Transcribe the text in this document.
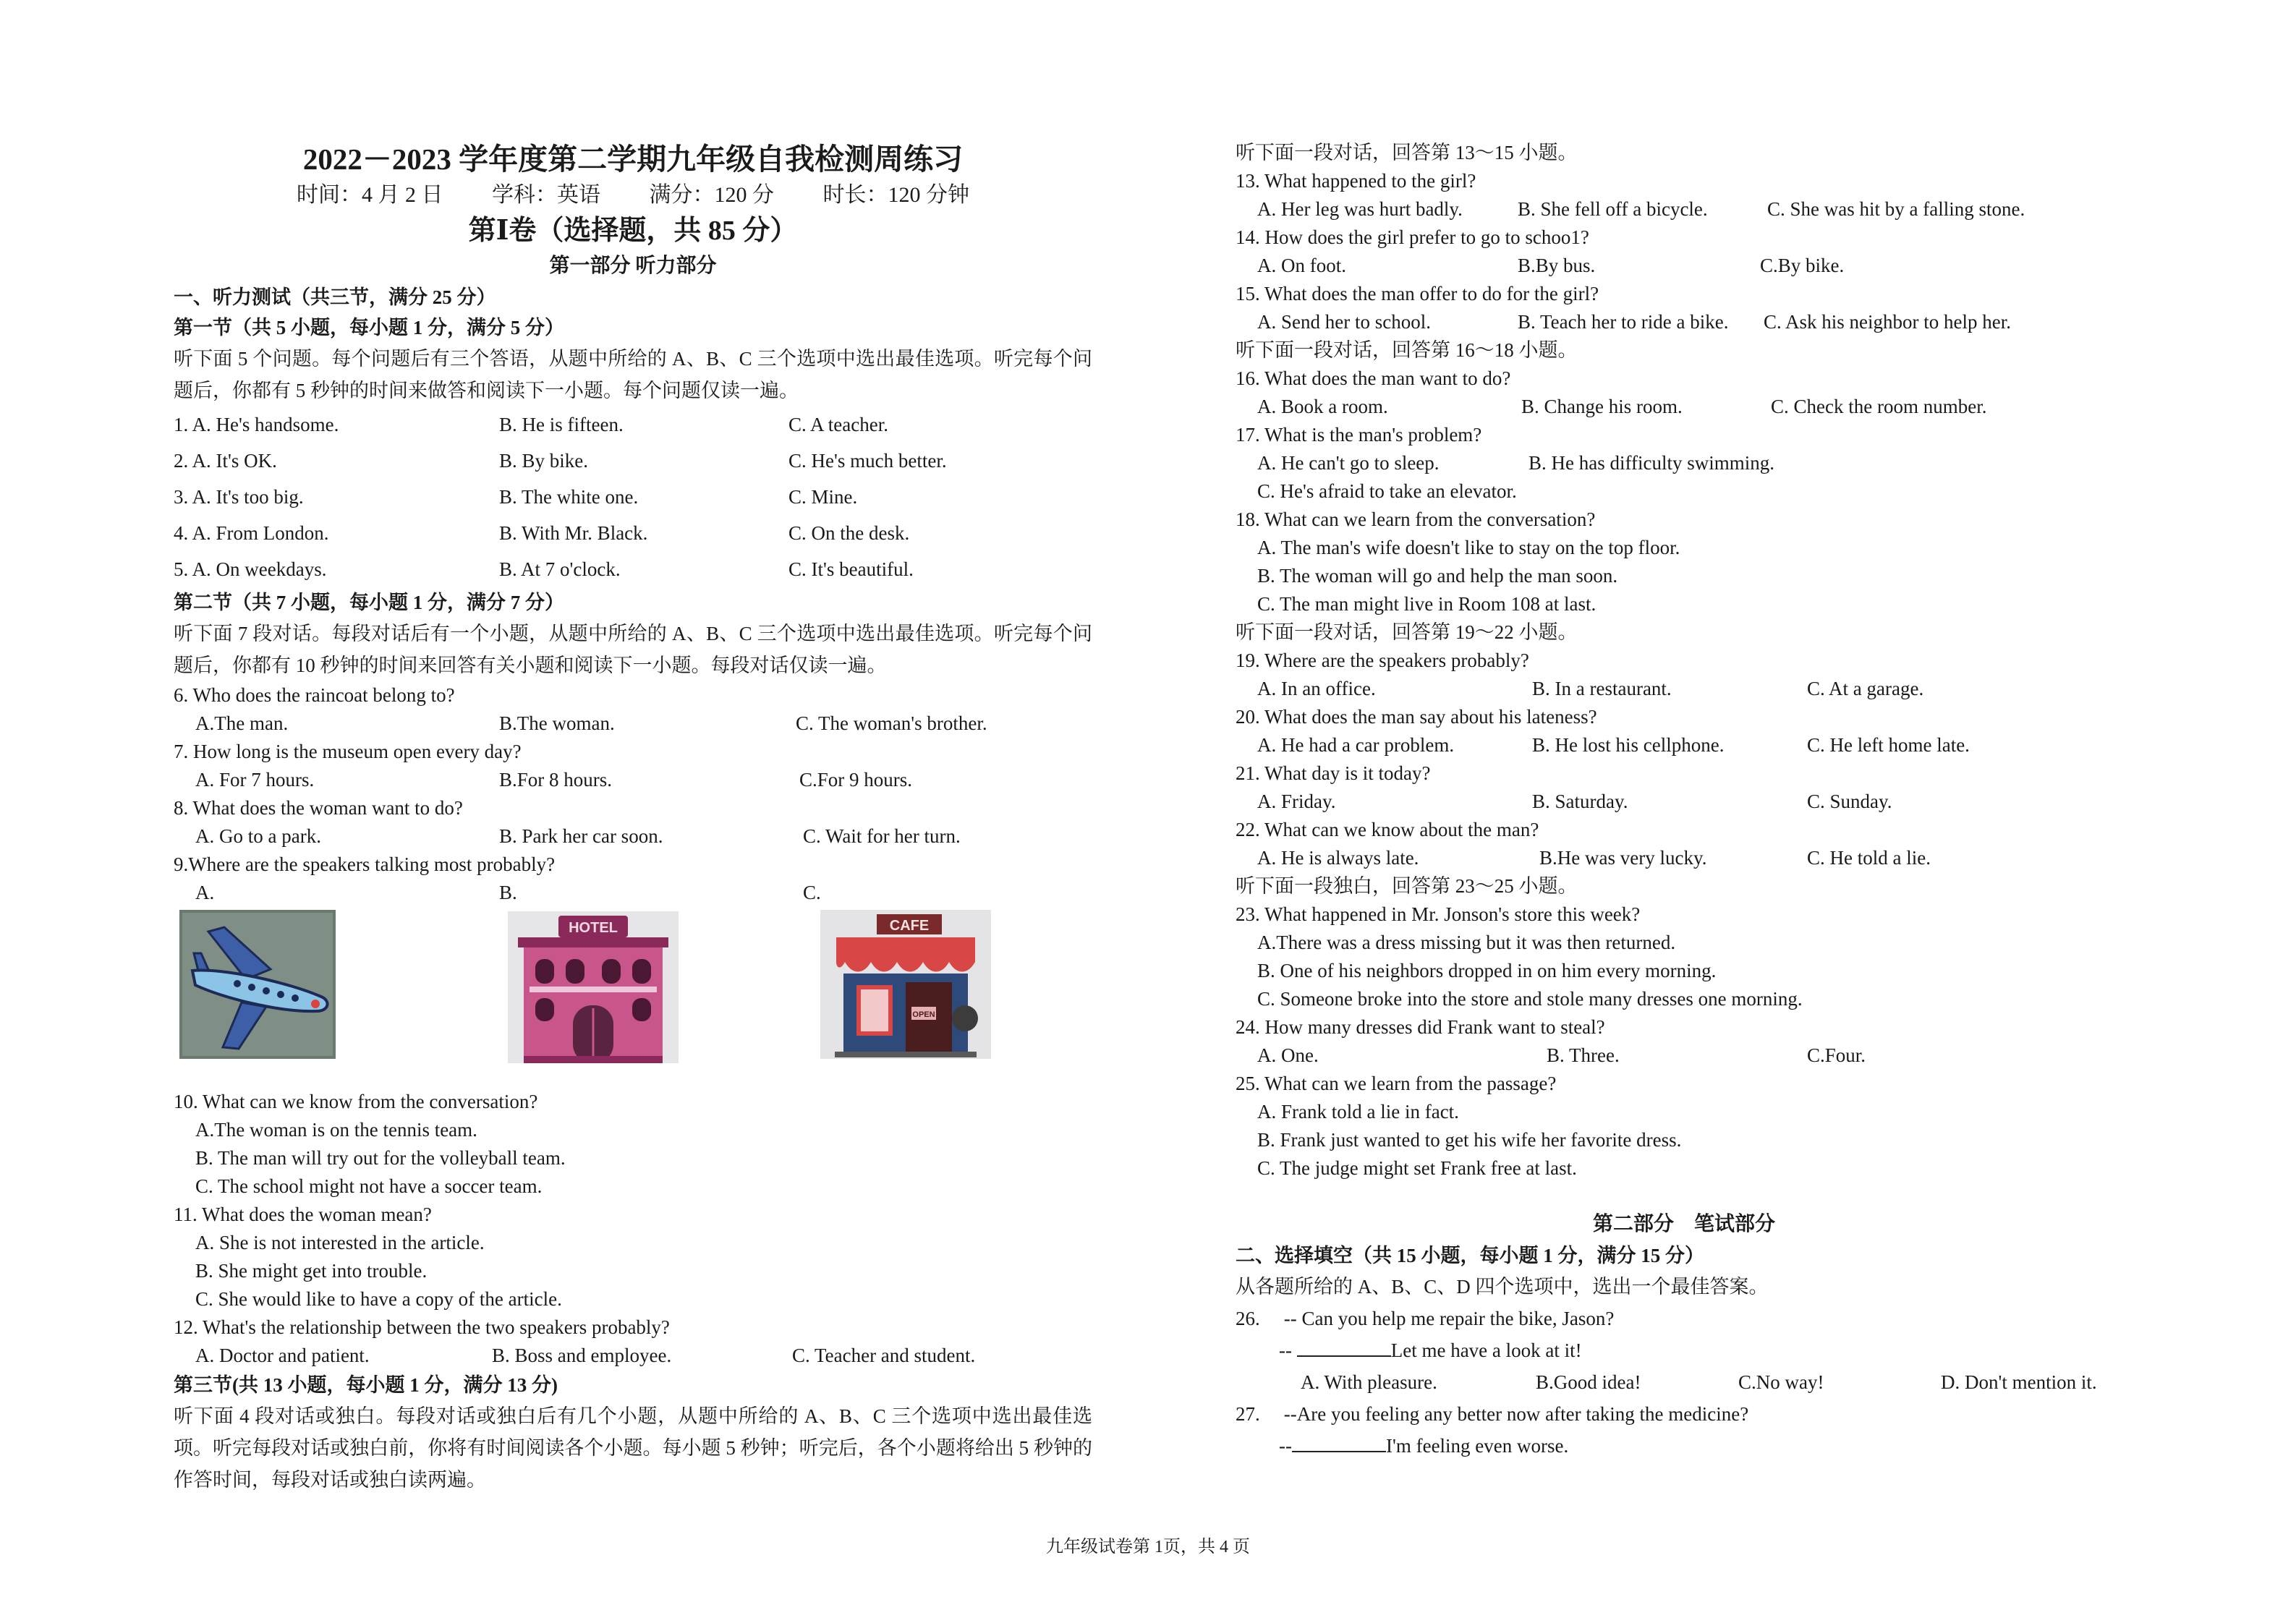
2022－2023 学年度第二学期九年级自我检测周练习
时间：4 月 2 日 学科：英语 满分：120 分 时长：120 分钟
第Ⅰ卷（选择题，共 85 分）
第一部分 听力部分
一、听力测试（共三节，满分 25 分）
第一节（共 5 小题，每小题 1 分，满分 5 分）
听下面 5 个问题。每个问题后有三个答语，从题中所给的 A、B、C 三个选项中选出最佳选项。听完每个问题后，你都有 5 秒钟的时间来做答和阅读下一小题。每个问题仅读一遍。
1. A. He's handsome.	B. He is fifteen.	C. A teacher.
2. A. It's OK.	B. By bike.	C. He's much better.
3. A. It's too big.	B. The white one.	C. Mine.
4. A. From London.	B. With Mr. Black.	C. On the desk.
5. A. On weekdays.	B. At 7 o'clock.	C. It's beautiful.
第二节（共 7 小题，每小题 1 分，满分 7 分）
听下面 7 段对话。每段对话后有一个小题，从题中所给的 A、B、C 三个选项中选出最佳选项。听完每个问题后，你都有 10 秒钟的时间来回答有关小题和阅读下一小题。每段对话仅读一遍。
6. Who does the raincoat belong to?
A.The man.	B.The woman.	C. The woman's brother.
7. How long is the museum open every day?
A. For 7 hours.	B.For 8 hours.	C.For 9 hours.
8. What does the woman want to do?
A. Go to a park.	B. Park her car soon.	C. Wait for her turn.
9.Where are the speakers talking most probably?
A.	B.	C.
HOTEL	CAFE
OPEN
10. What can we know from the conversation?
A.The woman is on the tennis team.
B. The man will try out for the volleyball team.
C. The school might not have a soccer team.
11. What does the woman mean?
A. She is not interested in the article.
B. She might get into trouble.
C. She would like to have a copy of the article.
12. What's the relationship between the two speakers probably?
A. Doctor and patient.	B. Boss and employee.	C. Teacher and student.
第三节(共 13 小题，每小题 1 分，满分 13 分)
听下面 4 段对话或独白。每段对话或独白后有几个小题，从题中所给的 A、B、C 三个选项中选出最佳选项。听完每段对话或独白前，你将有时间阅读各个小题。每小题 5 秒钟；听完后，各个小题将给出 5 秒钟的作答时间，每段对话或独白读两遍。
听下面一段对话，回答第 13～15 小题。
13. What happened to the girl?
A. Her leg was hurt badly.	B. She fell off a bicycle.	C. She was hit by a falling stone.
14. How does the girl prefer to go to schoo1?
A. On foot.	B.By bus.	C.By bike.
15. What does the man offer to do for the girl?
A. Send her to school.	B. Teach her to ride a bike.	C. Ask his neighbor to help her.
听下面一段对话，回答第 16～18 小题。
16. What does the man want to do?
A. Book a room.	B. Change his room.	C. Check the room number.
17. What is the man's problem?
A. He can't go to sleep.	B. He has difficulty swimming.
C. He's afraid to take an elevator.
18. What can we learn from the conversation?
A. The man's wife doesn't like to stay on the top floor.
B. The woman will go and help the man soon.
C. The man might live in Room 108 at last.
听下面一段对话，回答第 19～22 小题。
19. Where are the speakers probably?
A. In an office.	B. In a restaurant.	C. At a garage.
20. What does the man say about his lateness?
A. He had a car problem.	B. He lost his cellphone.	C. He left home late.
21. What day is it today?
A. Friday.	B. Saturday.	C. Sunday.
22. What can we know about the man?
A. He is always late.	B.He was very lucky.	C. He told a lie.
听下面一段独白，回答第 23～25 小题。
23. What happened in Mr. Jonson's store this week?
A.There was a dress missing but it was then returned.
B. One of his neighbors dropped in on him every morning.
C. Someone broke into the store and stole many dresses one morning.
24. How many dresses did Frank want to steal?
A. One.	B. Three.	C.Four.
25. What can we learn from the passage?
A. Frank told a lie in fact.
B. Frank just wanted to get his wife her favorite dress.
C. The judge might set Frank free at last.
第二部分　笔试部分
二、选择填空（共 15 小题，每小题 1 分，满分 15 分）
从各题所给的 A、B、C、D 四个选项中，选出一个最佳答案。
26. -- Can you help me repair the bike, Jason?
--	Let me have a look at it!
A. With pleasure.	B.Good idea!	C.No way!	D. Don't mention it.
27. --Are you feeling any better now after taking the medicine?
--	I'm feeling even worse.
九年级试卷第 1页，共 4 页
